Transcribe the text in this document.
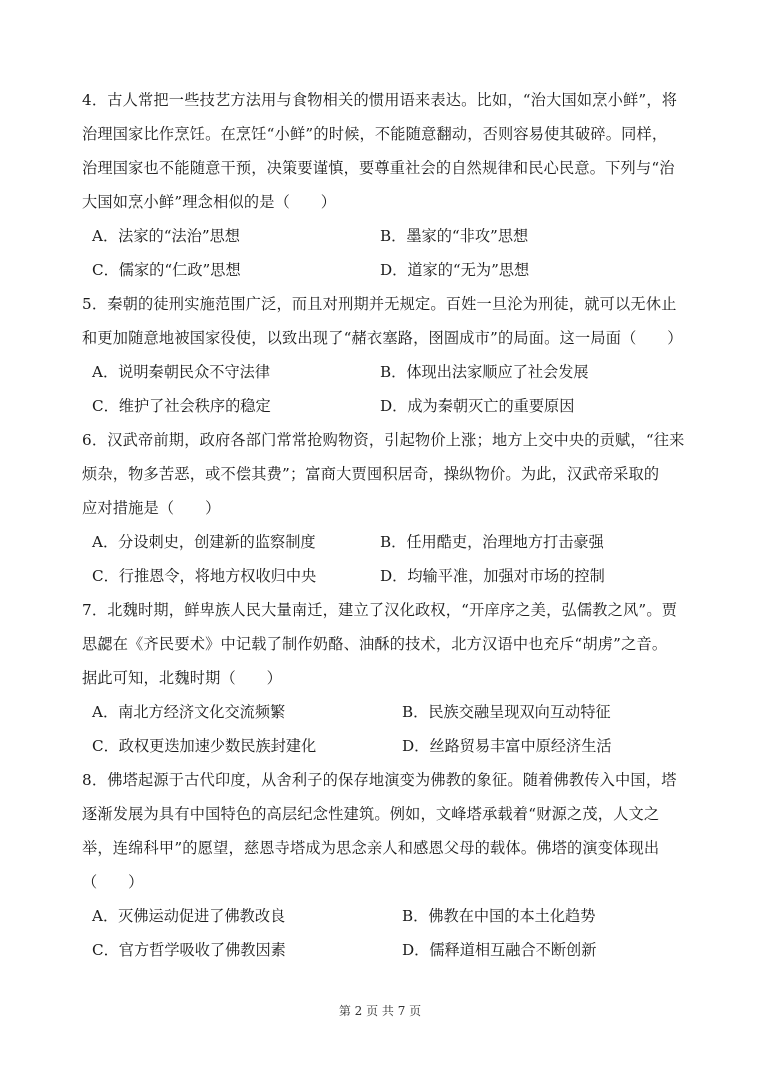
4．古人常把一些技艺方法用与食物相关的惯用语来表达。比如，“治大国如烹小鲜”，将
治理国家比作烹饪。在烹饪“小鲜”的时候，不能随意翻动，否则容易使其破碎。同样，
治理国家也不能随意干预，决策要谨慎，要尊重社会的自然规律和民心民意。下列与“治
大国如烹小鲜”理念相似的是（　　）
A．法家的“法治”思想	B．墨家的“非攻”思想
C．儒家的“仁政”思想	D．道家的“无为”思想
5．秦朝的徒刑实施范围广泛，而且对刑期并无规定。百姓一旦沦为刑徒，就可以无休止
和更加随意地被国家役使，以致出现了“赭衣塞路，囹圄成市”的局面。这一局面（　　）
A．说明秦朝民众不守法律	B．体现出法家顺应了社会发展
C．维护了社会秩序的稳定	D．成为秦朝灭亡的重要原因
6．汉武帝前期，政府各部门常常抢购物资，引起物价上涨；地方上交中央的贡赋，“往来
烦杂，物多苦恶，或不偿其费”；富商大贾囤积居奇，操纵物价。为此，汉武帝采取的
应对措施是（　　）
A．分设刺史，创建新的监察制度	B．任用酷吏，治理地方打击豪强
C．行推恩令，将地方权收归中央	D．均输平准，加强对市场的控制
7．北魏时期，鲜卑族人民大量南迁，建立了汉化政权，“开庠序之美，弘儒教之风”。贾
思勰在《齐民要术》中记载了制作奶酪、油酥的技术，北方汉语中也充斥“胡虏”之音。
据此可知，北魏时期（　　）
A．南北方经济文化交流频繁	B．民族交融呈现双向互动特征
C．政权更迭加速少数民族封建化	D．丝路贸易丰富中原经济生活
8．佛塔起源于古代印度，从舍利子的保存地演变为佛教的象征。随着佛教传入中国，塔
逐渐发展为具有中国特色的高层纪念性建筑。例如，文峰塔承载着“财源之茂，人文之
举，连绵科甲”的愿望，慈恩寺塔成为思念亲人和感恩父母的载体。佛塔的演变体现出
（　　）
A．灭佛运动促进了佛教改良	B．佛教在中国的本土化趋势
C．官方哲学吸收了佛教因素	D．儒释道相互融合不断创新
第 2 页 共 7 页
